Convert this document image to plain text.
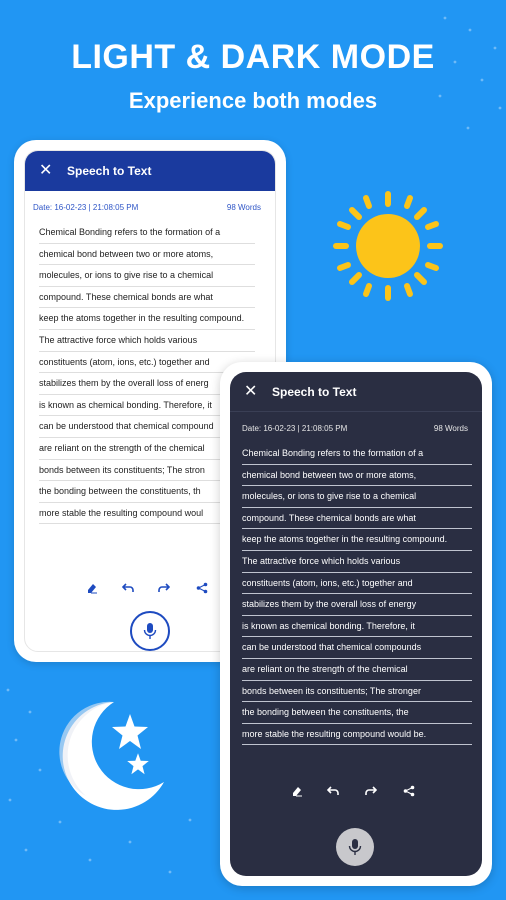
LIGHT & DARK MODE
Experience both modes
✕	Speech to Text
Date: 16-02-23 | 21:08:05 PM	98 Words
Chemical Bonding refers to the formation of a
chemical bond between two or more atoms,
molecules, or ions to give rise to a chemical
compound. These chemical bonds are what
keep the atoms together in the resulting compound.
The attractive force which holds various
constituents (atom, ions, etc.) together and
stabilizes them by the overall loss of energ
is known as chemical bonding. Therefore, it
can be understood that chemical compound
are reliant on the strength of the chemical
bonds between its constituents; The stron
the bonding between the constituents, th
more stable the resulting compound woul
✕	Speech to Text
Date: 16-02-23 | 21:08:05 PM	98 Words
Chemical Bonding refers to the formation of a
chemical bond between two or more atoms,
molecules, or ions to give rise to a chemical
compound. These chemical bonds are what
keep the atoms together in the resulting compound.
The attractive force which holds various
constituents (atom, ions, etc.) together and
stabilizes them by the overall loss of energy
is known as chemical bonding. Therefore, it
can be understood that chemical compounds
are reliant on the strength of the chemical
bonds between its constituents; The stronger
the bonding between the constituents, the
more stable the resulting compound would be.
